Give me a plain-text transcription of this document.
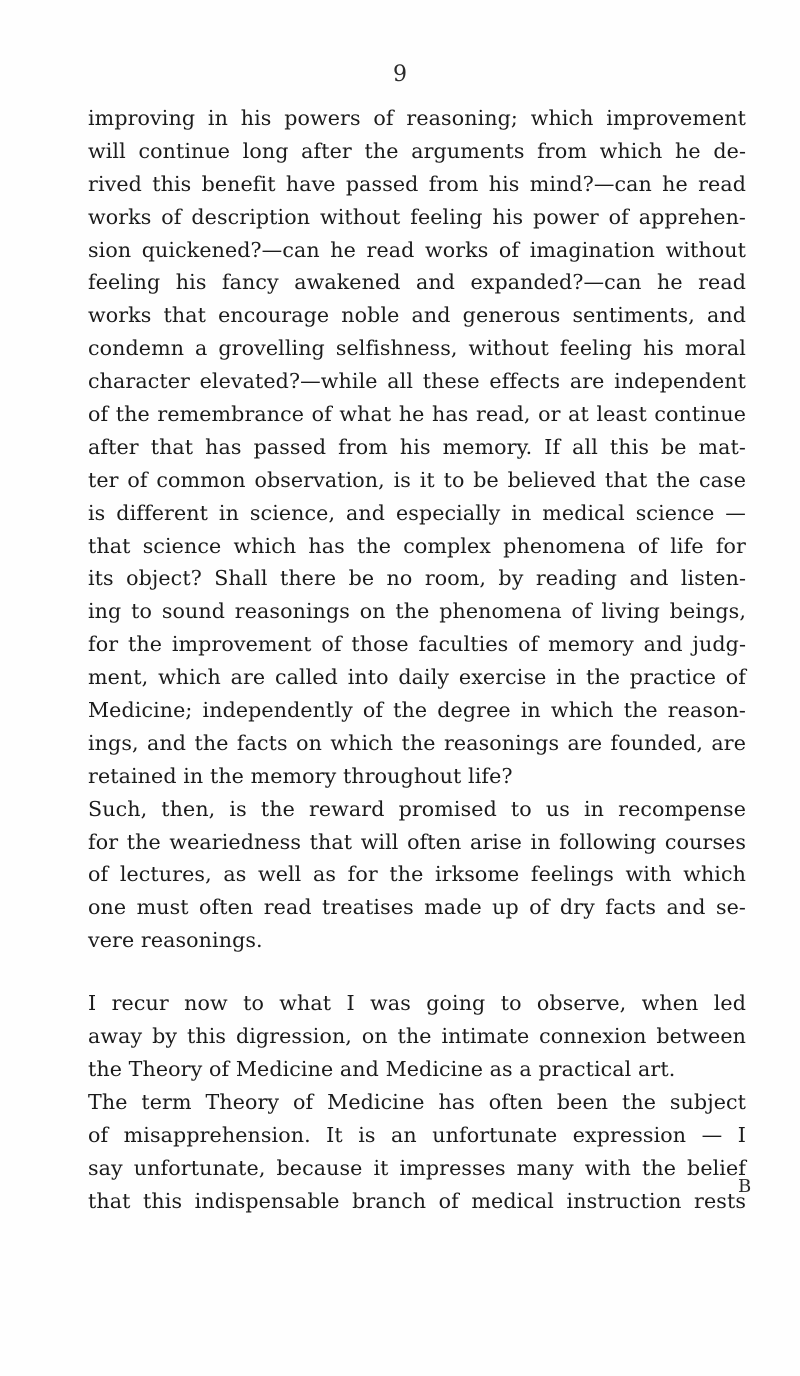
9
improving in his powers of reasoning; which improvement
will continue long after the arguments from which he de-
rived this benefit have passed from his mind?—can he read
works of description without feeling his power of apprehen-
sion quickened?—can he read works of imagination without
feeling his fancy awakened and expanded?—can he read
works that encourage noble and generous sentiments, and
condemn a grovelling selfishness, without feeling his moral
character elevated?—while all these effects are independent
of the remembrance of what he has read, or at least continue
after that has passed from his memory. If all this be mat-
ter of common observation, is it to be believed that the case
is different in science, and especially in medical science —
that science which has the complex phenomena of life for
its object? Shall there be no room, by reading and listen-
ing to sound reasonings on the phenomena of living beings,
for the improvement of those faculties of memory and judg-
ment, which are called into daily exercise in the practice of
Medicine; independently of the degree in which the reason-
ings, and the facts on which the reasonings are founded, are
retained in the memory throughout life?
Such, then, is the reward promised to us in recompense
for the weariedness that will often arise in following courses
of lectures, as well as for the irksome feelings with which
one must often read treatises made up of dry facts and se-
vere reasonings.
I recur now to what I was going to observe, when led
away by this digression, on the intimate connexion between
the Theory of Medicine and Medicine as a practical art.
The term Theory of Medicine has often been the subject
of misapprehension. It is an unfortunate expression — I
say unfortunate, because it impresses many with the belief
that this indispensable branch of medical instruction rests
B
